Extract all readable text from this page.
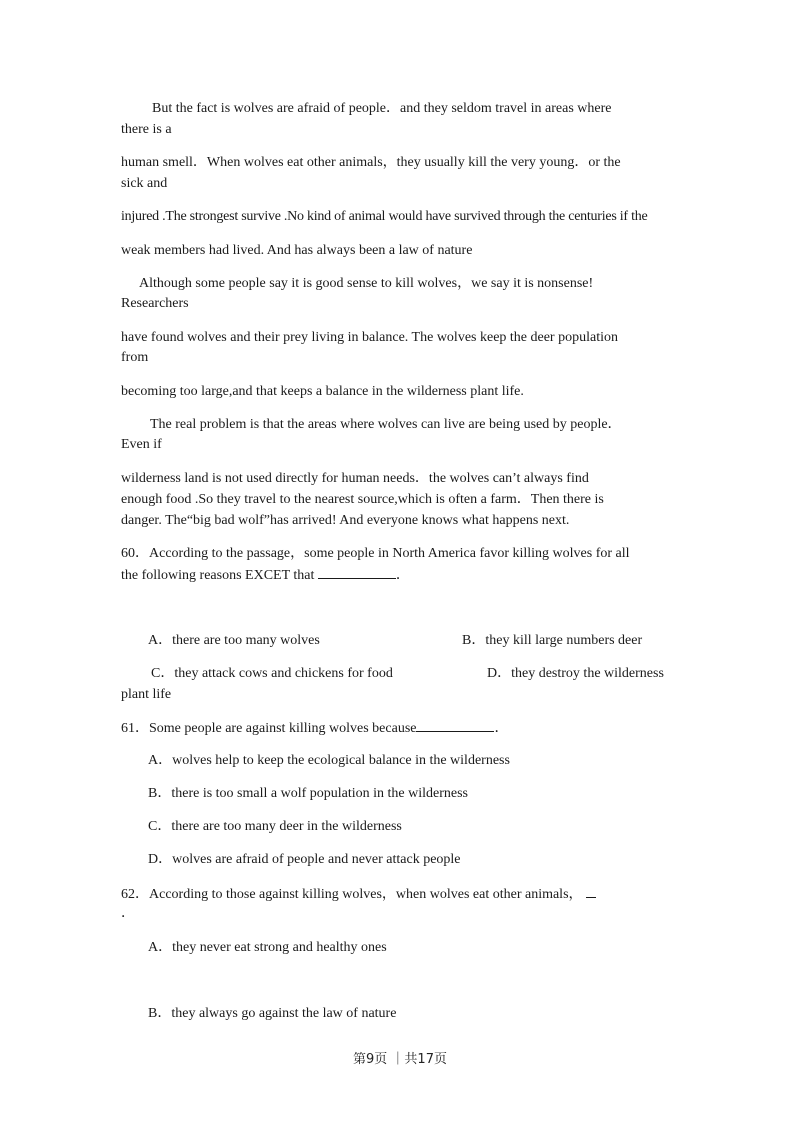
But the fact is wolves are afraid of people．and they seldom travel in areas where
there is a
human smell．When wolves eat other animals，they usually kill the very young．or the
sick and
injured .The strongest survive .No kind of animal would have survived through the centuries if the
weak members had lived. And has always been a law of nature
Although some people say it is good sense to kill wolves，we say it is nonsense!
Researchers
have found wolves and their prey living in balance. The wolves keep the deer population
from
becoming too large,and that keeps a balance in the wilderness plant life.
The real problem is that the areas where wolves can live are being used by people．
Even if
wilderness land is not used directly for human needs．the wolves can’t always find
enough food .So they travel to the nearest source,which is often a farm．Then there is
danger. The“big bad wolf”has arrived! And everyone knows what happens next.
60．According to the passage，some people in North America favor killing wolves for all
the following reasons EXCET that	．
A．there are too many wolves	B．they kill large numbers deer
C．they attack cows and chickens for food	D．they destroy the wilderness
plant life
61．Some people are against killing wolves because	．
A．wolves help to keep the ecological balance in the wilderness
B．there is too small a wolf population in the wilderness
C．there are too many deer in the wilderness
D．wolves are afraid of people and never attack people
62．According to those against killing wolves，when wolves eat other animals，
．
A．they never eat strong and healthy ones
B．they always go against the law of nature
第9页 ｜共17页
